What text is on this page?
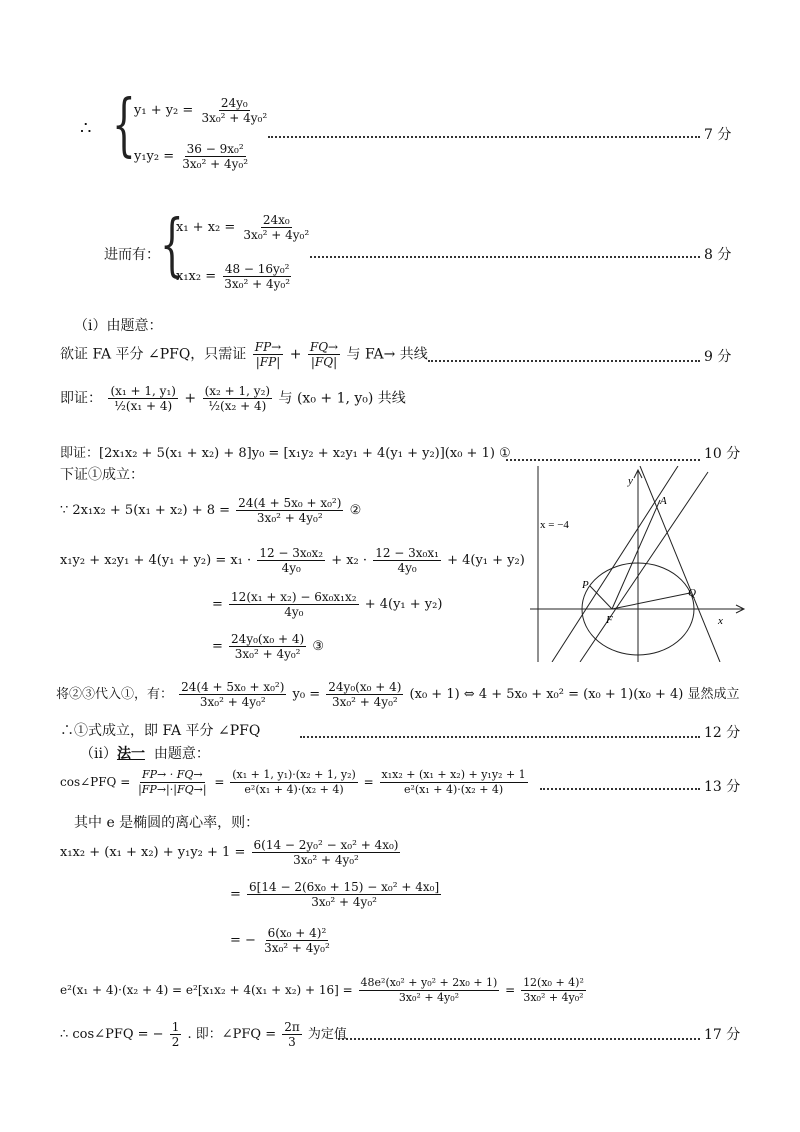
∴ {
$y_1 + y_2 = \frac{\text{24y₀}}{\text{3x₀² + 4y₀²}}$
$y_1y_2 = \frac{\text{36 − 9x₀²}}{\text{3x₀² + 4y₀²}}$
7 分
进而有： {
$x_1 + x_2 = \frac{\text{24x₀}}{\text{3x₀² + 4y₀²}}$
$x_1x_2 = \frac{\text{48 − 16y₀²}}{\text{3x₀² + 4y₀²}}$
8 分
（i）由题意：
欲证 FA 平分 ∠PFQ，只需证 $\frac{FP\to}{|FP|} + \frac{FQ\to}{|FQ|}$ 与 FA→ 共线	9 分
即证： $\frac{\text{(x₁ + 1, y₁)}}{\text{½(x₁ + 4)}} + \frac{\text{(x₂ + 1, y₂)}}{\text{½(x₂ + 4)}}$ 与 (x₀ + 1, y₀) 共线
即证：[2x₁x₂ + 5(x₁ + x₂) + 8]y₀ = [x₁y₂ + x₂y₁ + 4(y₁ + y₂)](x₀ + 1) ①	10 分
下证①成立：
∵ $2x_1x_2 + 5(x_1 + x_2) + 8 = \frac{\text{24(4 + 5x₀ + x₀²)}}{\text{3x₀² + 4y₀²}}$ ②
$x_1y_2 + x_2y_1 + 4(y_1 + y_2) = x_1 \cdot \frac{\text{12 − 3x₀x₂}}{\text{4y₀}} + x_2 \cdot \frac{\text{12 − 3x₀x₁}}{\text{4y₀}} + 4(y_1 + y_2)$
= $\frac{\text{12(x₁ + x₂) − 6x₀x₁x₂}}{\text{4y₀}} + 4(y_1 + y_2)$
= $\frac{\text{24y₀(x₀ + 4)}}{\text{3x₀² + 4y₀²}}$ ③
将②③代入①，有： $\frac{\text{24(4 + 5x₀ + x₀²)}}{\text{3x₀² + 4y₀²}} y_0 = \frac{\text{24y₀(x₀ + 4)}}{\text{3x₀² + 4y₀²}} (x_0 + 1)$ ⇔ 4 + 5x₀ + x₀² = (x₀ + 1)(x₀ + 4) 显然成立
∴①式成立，即 FA 平分 ∠PFQ	12 分
（ii）法一 由题意：
cos∠PFQ = $\frac{FP\to \cdot FQ\to}{|FP\to|\cdot|FQ\to|} = \frac{\text{(x₁ + 1, y₁)·(x₂ + 1, y₂)}}{\text{e²(x₁ + 4)·(x₂ + 4)}} = \frac{\text{x₁x₂ + (x₁ + x₂) + y₁y₂ + 1}}{\text{e²(x₁ + 4)·(x₂ + 4)}}$	13 分
其中 e 是椭圆的离心率，则：
$x_1x_2 + (x_1 + x_2) + y_1y_2 + 1 = \frac{\text{6(14 − 2y₀² − x₀² + 4x₀)}}{\text{3x₀² + 4y₀²}}$
= $\frac{\text{6[14 − 2(6x₀ + 15) − x₀² + 4x₀]}}{\text{3x₀² + 4y₀²}}$
= − $\frac{\text{6(x₀ + 4)²}}{\text{3x₀² + 4y₀²}}$
$e^2(x_1 + 4)\cdot(x_2 + 4) = e^2[x_1x_2 + 4(x_1 + x_2) + 16] = \frac{\text{48e²(x₀² + y₀² + 2x₀ + 1)}}{\text{3x₀² + 4y₀²}} = \frac{\text{12(x₀ + 4)²}}{\text{3x₀² + 4y₀²}}$
∴ cos∠PFQ = − $\frac{1}{2}$ . 即：∠PFQ = $\frac{2\pi}{3}$ 为定值	17 分
y
x
x = −4
A
P
Q
F
